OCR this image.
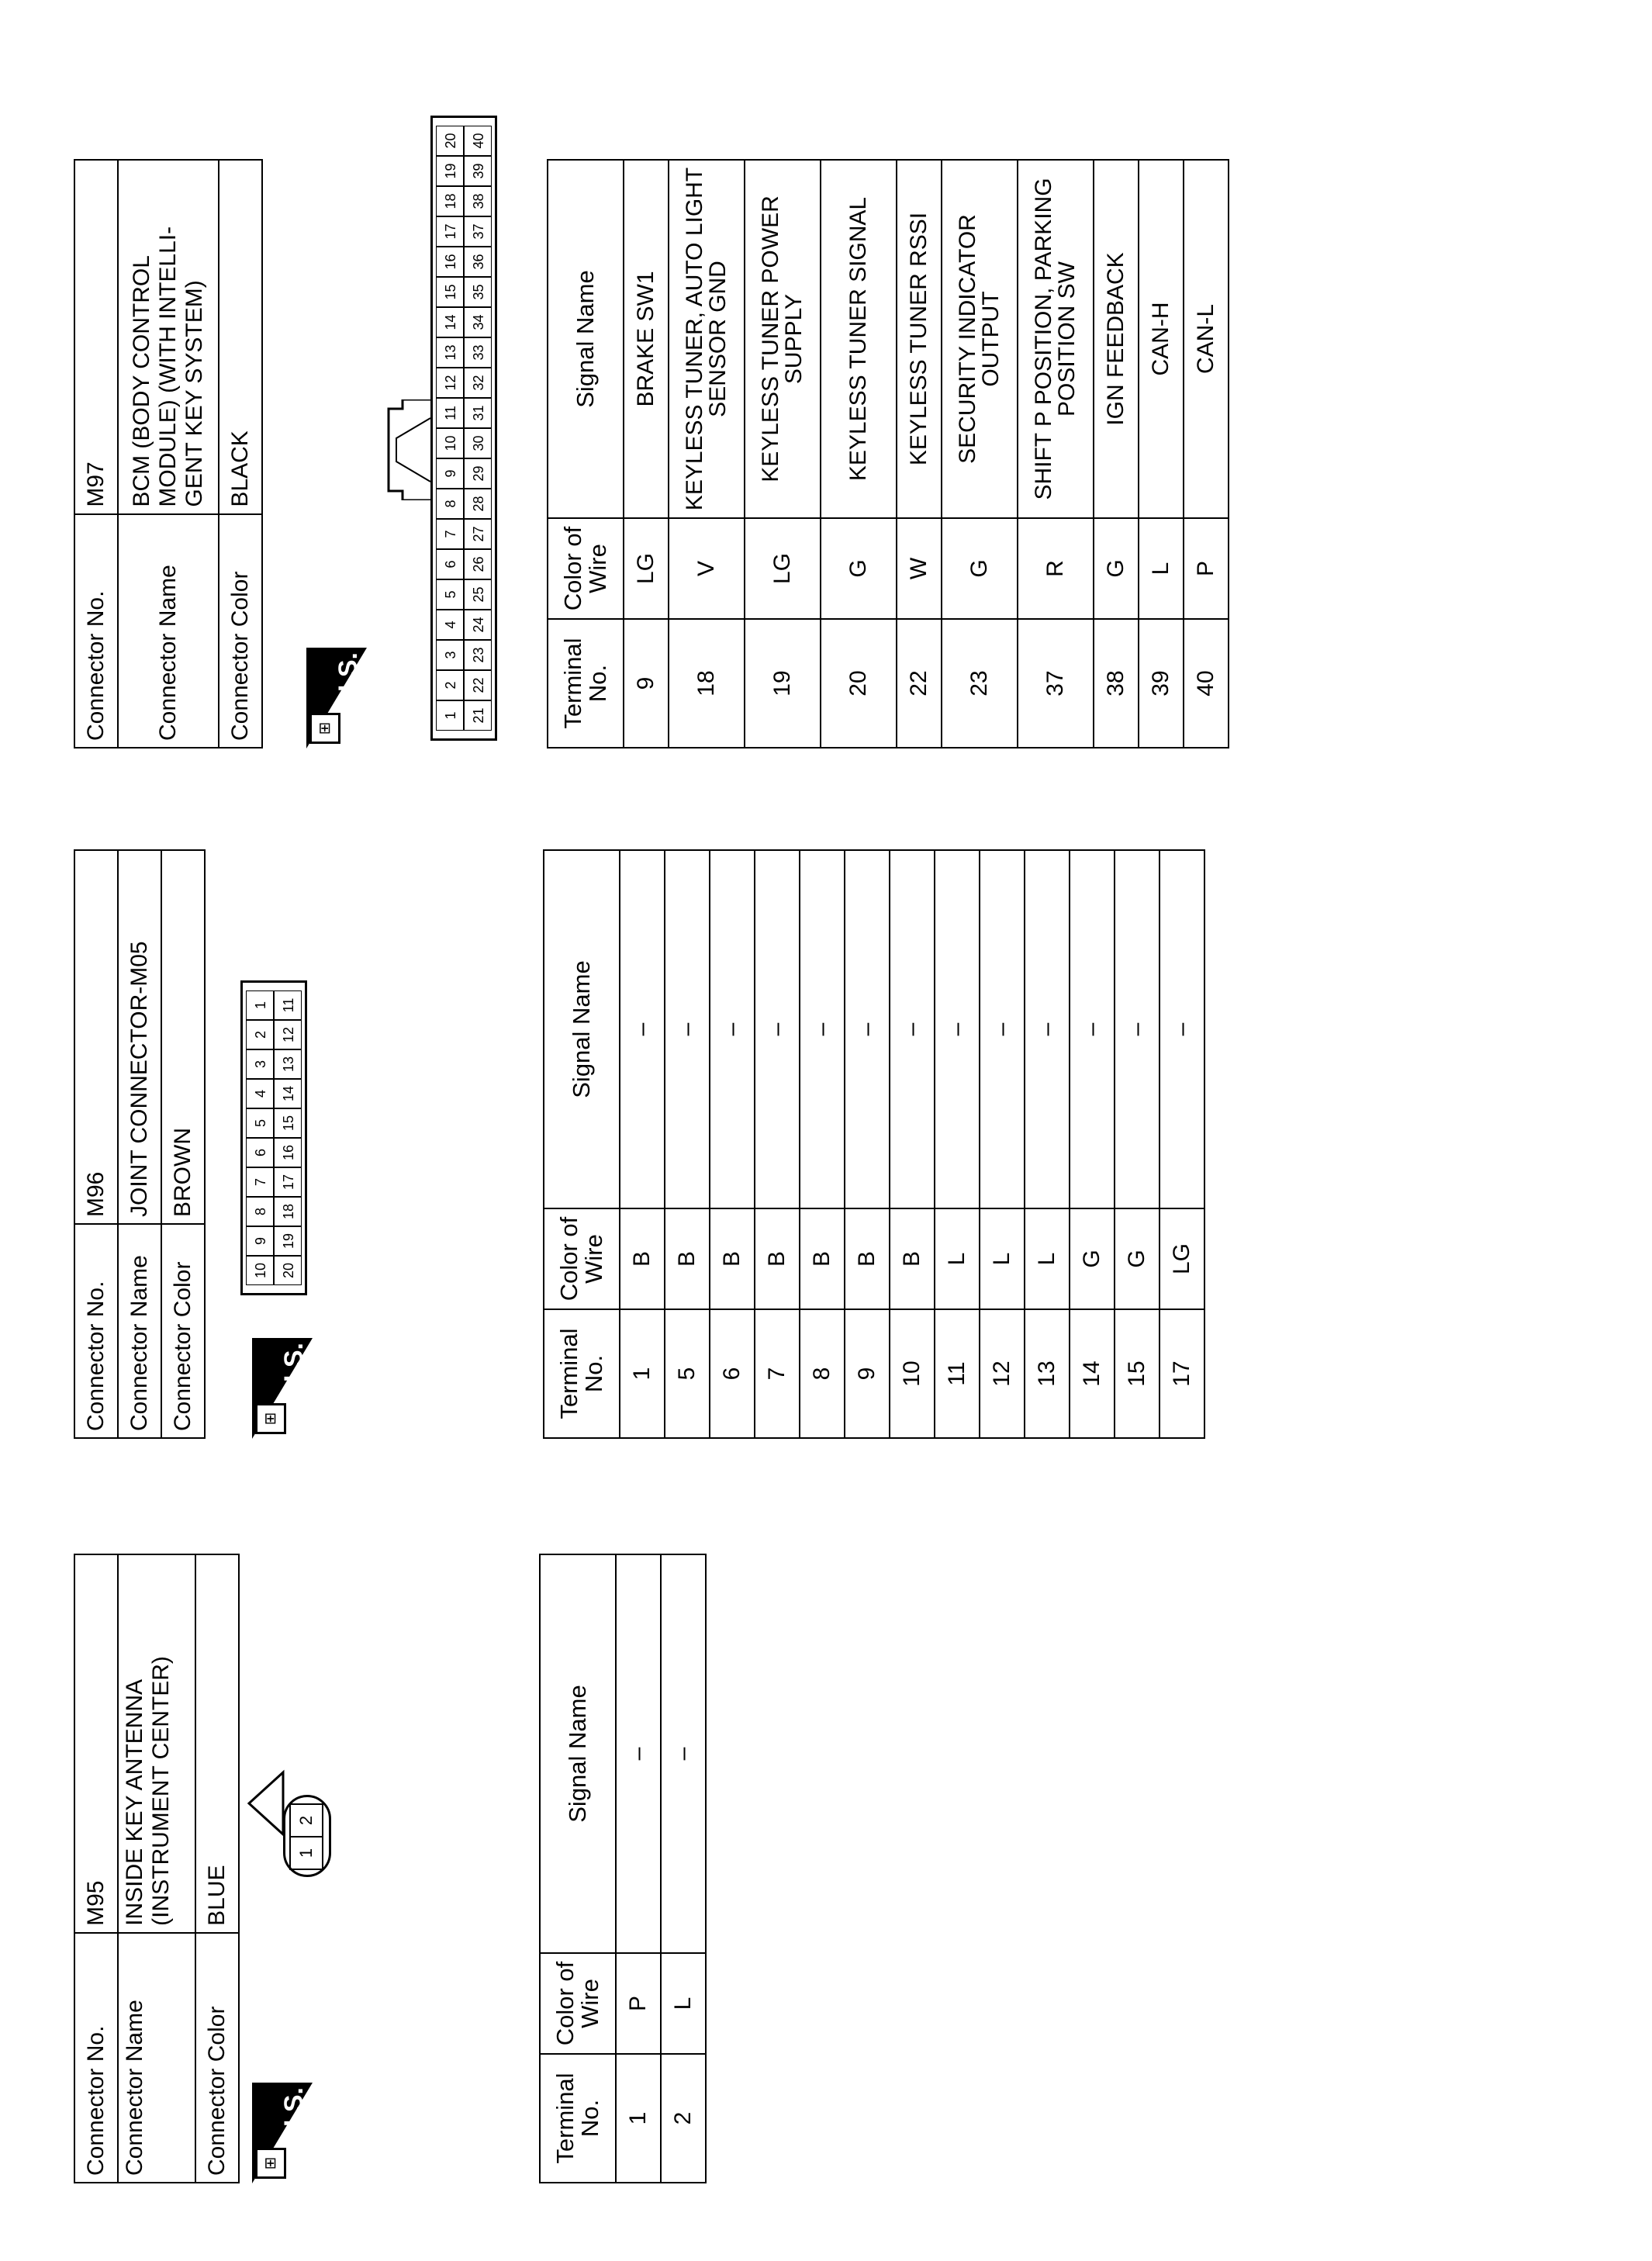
Connector No.	M95
Connector Name	INSIDE KEY ANTENNA (INSTRUMENT CENTER)
Connector Color	BLUE
⊞
H.S.
1
2
Terminal No.	Color of Wire	Signal Name
1	P	–
2	L	–
Connector No.	M96
Connector Name	JOINT CONNECTOR-M05
Connector Color	BROWN
⊞
H.S.
10
9
8
7
6
5
4
3
2
1
20
19
18
17
16
15
14
13
12
11
Terminal No.	Color of Wire	Signal Name
1	B	–
5	B	–
6	B	–
7	B	–
8	B	–
9	B	–
10	B	–
11	L	–
12	L	–
13	L	–
14	G	–
15	G	–
17	LG	–
Connector No.	M97
Connector Name	BCM (BODY CONTROL MODULE) (WITH INTELLI-GENT KEY SYSTEM)
Connector Color	BLACK
⊞
H.S.
1
2
3
4
5
6
7
8
9
10
11
12
13
14
15
16
17
18
19
20
21
22
23
24
25
26
27
28
29
30
31
32
33
34
35
36
37
38
39
40
Terminal No.	Color of Wire	Signal Name
9	LG	BRAKE SW1
18	V	KEYLESS TUNER, AUTO LIGHT SENSOR GND
19	LG	KEYLESS TUNER POWER SUPPLY
20	G	KEYLESS TUNER SIGNAL
22	W	KEYLESS TUNER RSSI
23	G	SECURITY INDICATOR OUTPUT
37	R	SHIFT P POSITION, PARKING POSITION SW
38	G	IGN FEEDBACK
39	L	CAN-H
40	P	CAN-L
